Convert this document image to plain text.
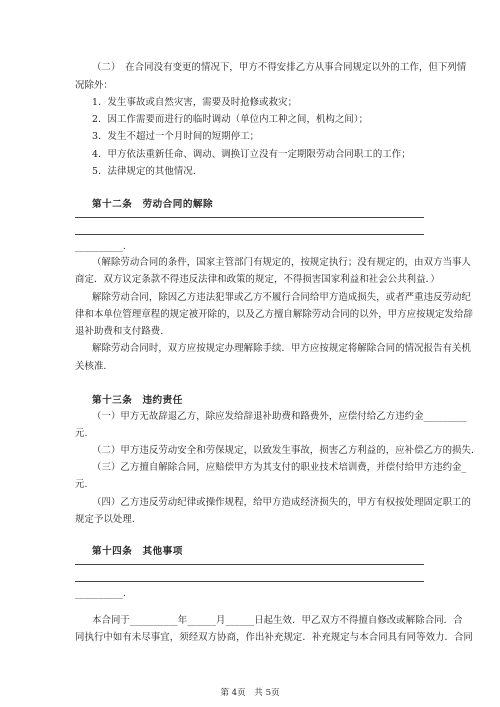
（二）　在合同没有变更的情况下，甲方不得安排乙方从事合同规定以外的工作，但下列情
况除外：
1．发生事故或自然灾害，需要及时抢修或救灾；
2．因工作需要而进行的临时调动（单位内工种之间，机构之间）；
3．发生不超过一个月时间的短期停工；
4．甲方依法重新任命、调动、调换订立没有一定期限劳动合同职工的工作；
5．法律规定的其他情况.
第十二条　劳动合同的解除
__________.
（解除劳动合同的条件，国家主管部门有规定的，按规定执行；没有规定的，由双方当事人
商定．双方议定条款不得违反法律和政策的规定，不得损害国家利益和社会公共利益．）
解除劳动合同，除因乙方违法犯罪或乙方不履行合同给甲方造成损失，或者严重违反劳动纪
律和本单位管理章程的规定被开除的，以及乙方擅自解除劳动合同的以外，甲方应按规定发给辞
退补助费和支付路费.
解除劳动合同时，双方应按规定办理解除手续．甲方应按规定将解除合同的情况报告有关机
关核准.
第十三条　违约责任
（一）甲方无故辞退乙方，除应发给辞退补助费和路费外，应偿付给乙方违约金_________
元.
（二）甲方违反劳动安全和劳保规定，以致发生事故，损害乙方利益的，应补偿乙方的损失．
（三）乙方擅自解除合同，应赔偿甲方为其支付的职业技术培训费，并偿付给甲方违约金_
元.
（四）乙方违反劳动纪律或操作规程，给甲方造成经济损失的，甲方有权按处理固定职工的
规定予以处理.
第十四条　其他事项
__________.
本合同于__________年______月______日起生效．甲乙双方不得擅自修改或解除合同．合
同执行中如有未尽事宜，须经双方协商，作出补充规定．补充规定与本合同具有同等效力．合同
第 4页　共 5页
